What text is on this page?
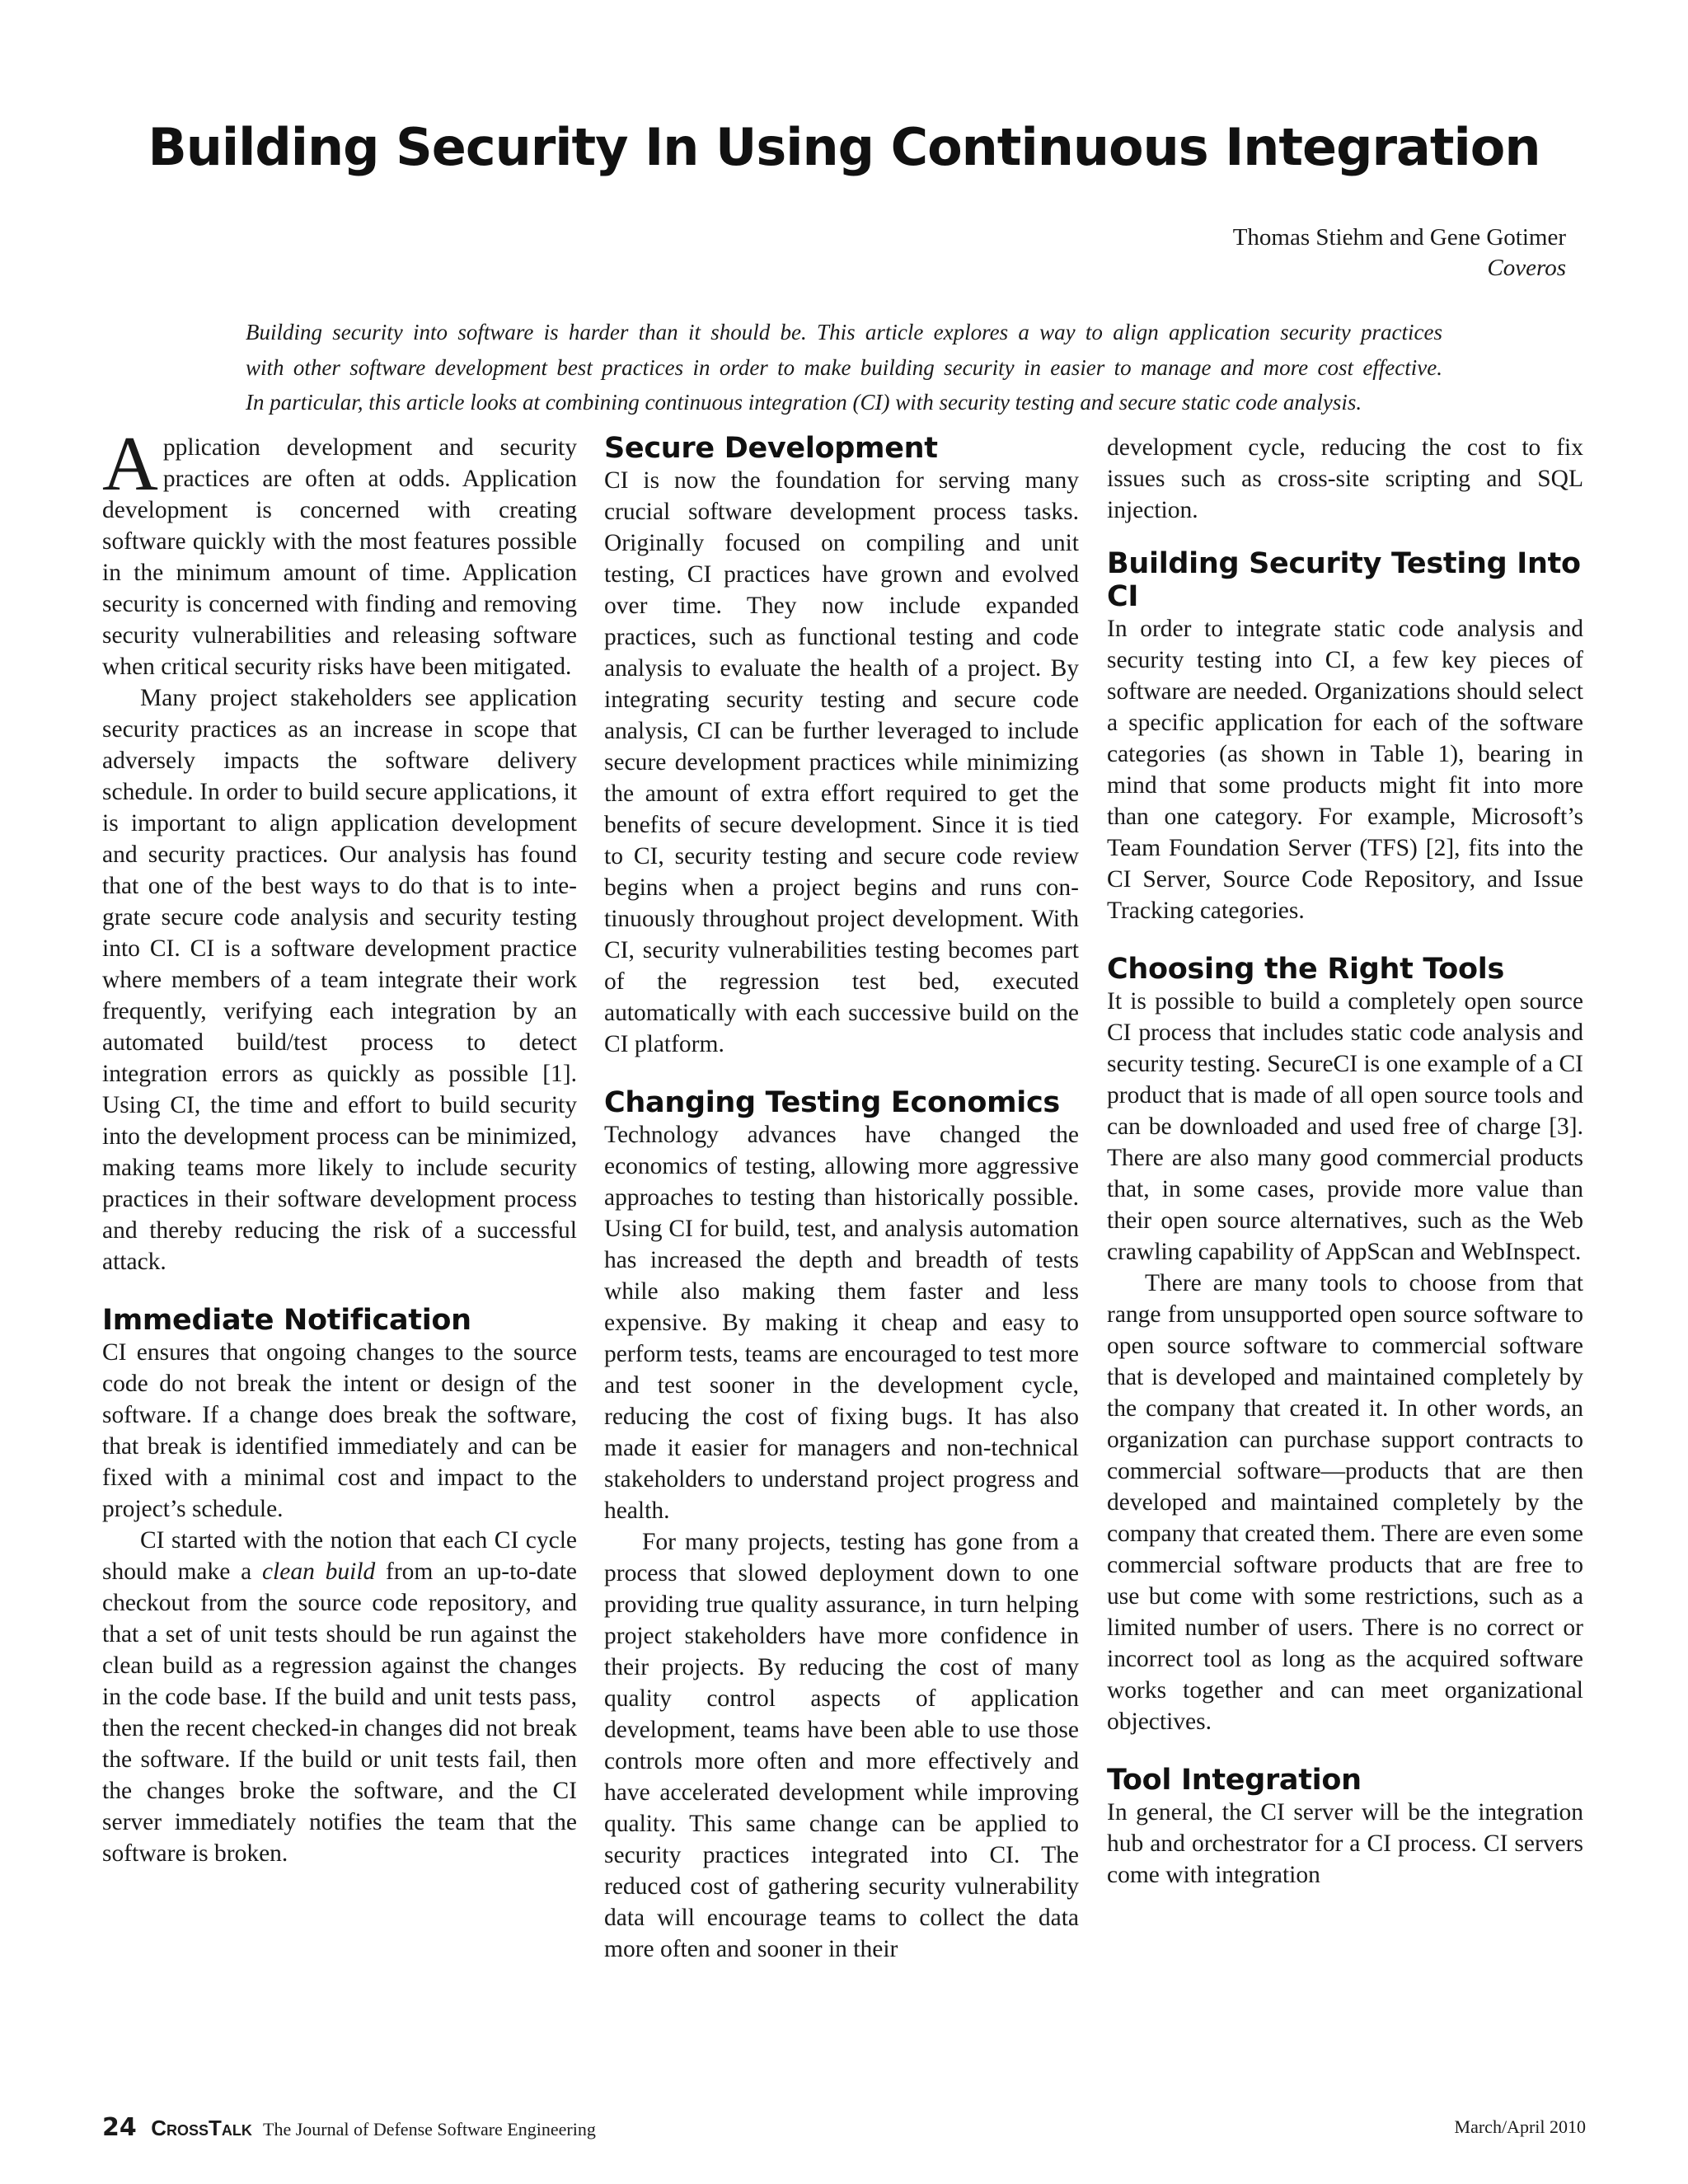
Building Security In Using Continuous Integration
Thomas Stiehm and Gene Gotimer
Coveros
Building security into software is harder than it should be. This article explores a way to align application security practices
with other software development best practices in order to make building security in easier to manage and more cost effective.
In particular, this article looks at combining continuous integration (CI) with security testing and secure static code analysis.

Application development and security practices are often at odds. Application development is concerned with creating software quickly with the most features possible in the minimum amount of time. Application security is concerned with finding and removing security vulnerabilities and releasing software when critical security risks have been mitigated.

Many project stakeholders see application security practices as an increase in scope that adversely impacts the software delivery schedule. In order to build secure applications, it is important to align application development and security practices. Our analysis has found that one of the best ways to do that is to integrate secure code analysis and security testing into CI. CI is a software development practice where members of a team integrate their work frequently, verifying each integration by an automated build/test process to detect integration errors as quickly as possible [1]. Using CI, the time and effort to build security into the development process can be minimized, making teams more likely to include security practices in their software development process and thereby reducing the risk of a successful attack.

Immediate Notification

CI ensures that ongoing changes to the source code do not break the intent or design of the software. If a change does break the software, that break is identified immediately and can be fixed with a minimal cost and impact to the project’s schedule.

CI started with the notion that each CI cycle should make a clean build from an up-to-date checkout from the source code repository, and that a set of unit tests should be run against the clean build as a regression against the changes in the code base. If the build and unit tests pass, then the recent checked-in changes did not break the software. If the build or unit tests fail, then the changes broke the software, and the CI server immediately notifies the team that the software is broken.

Secure Development

CI is now the foundation for serving many crucial software development process tasks. Originally focused on compiling and unit testing, CI practices have grown and evolved over time. They now include expanded practices, such as functional testing and code analysis to evaluate the health of a project. By integrating security testing and secure code analysis, CI can be further leveraged to include secure development practices while minimizing the amount of extra effort required to get the benefits of secure development. Since it is tied to CI, security testing and secure code review begins when a project begins and runs continuously throughout project development. With CI, security vulnerabilities testing becomes part of the regression test bed, executed automatically with each successive build on the CI platform.

Changing Testing Economics

Technology advances have changed the economics of testing, allowing more aggressive approaches to testing than historically possible. Using CI for build, test, and analysis automation has increased the depth and breadth of tests while also making them faster and less expensive. By making it cheap and easy to perform tests, teams are encouraged to test more and test sooner in the development cycle, reducing the cost of fixing bugs. It has also made it easier for managers and non-technical stakeholders to understand project progress and health.

For many projects, testing has gone from a process that slowed deployment down to one providing true quality assurance, in turn helping project stakeholders have more confidence in their projects. By reducing the cost of many quality control aspects of application development, teams have been able to use those controls more often and more effectively and have accelerated development while improving quality. This same change can be applied to security practices integrated into CI. The reduced cost of gathering security vulnerability data will encourage teams to collect the data more often and sooner in their

development cycle, reducing the cost to fix issues such as cross-site scripting and SQL injection.

Building Security Testing Into CI

In order to integrate static code analysis and security testing into CI, a few key pieces of software are needed. Organizations should select a specific application for each of the software categories (as shown in Table 1), bearing in mind that some products might fit into more than one category. For example, Microsoft’s Team Foundation Server (TFS) [2], fits into the CI Server, Source Code Repository, and Issue Tracking categories.

Choosing the Right Tools

It is possible to build a completely open source CI process that includes static code analysis and security testing. SecureCI is one example of a CI product that is made of all open source tools and can be downloaded and used free of charge [3]. There are also many good commercial products that, in some cases, provide more value than their open source alternatives, such as the Web crawling capability of AppScan and WebInspect.

There are many tools to choose from that range from unsupported open source software to open source software to commercial software that is developed and maintained completely by the company that created it. In other words, an organization can purchase support contracts to commercial software—products that are then developed and maintained completely by the company that created them. There are even some commercial software products that are free to use but come with some restrictions, such as a limited number of users. There is no correct or incorrect tool as long as the acquired software works together and can meet organizational objectives.

Tool Integration

In general, the CI server will be the integration hub and orchestrator for a CI process. CI servers come with integration

24 CrossTalk The Journal of Defense Software Engineering	March/April 2010
